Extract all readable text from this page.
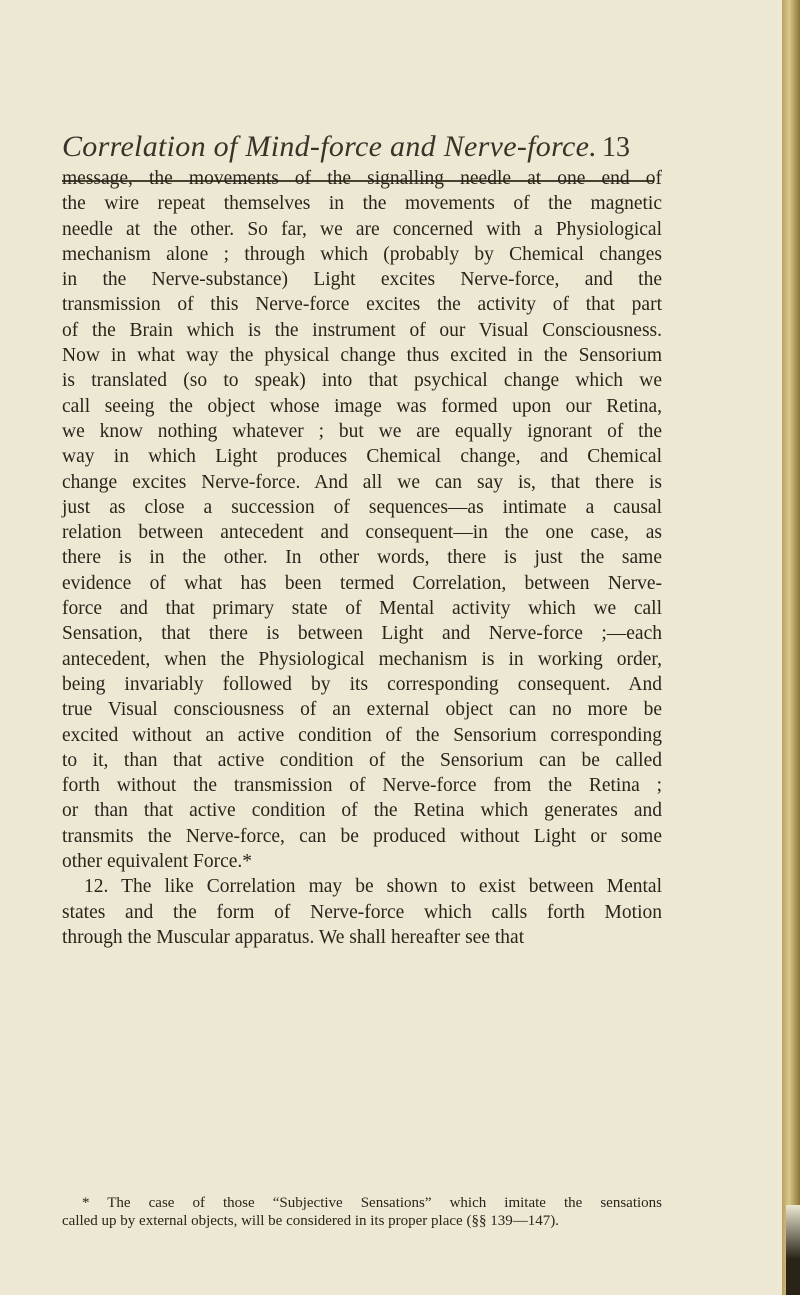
Correlation of Mind-force and Nerve-force. 13
message, the movements of the signalling needle at one end of
the wire repeat themselves in the movements of the magnetic
needle at the other. So far, we are concerned with a Physiological
mechanism alone ; through which (probably by Chemical changes
in the Nerve-substance) Light excites Nerve-force, and the
transmission of this Nerve-force excites the activity of that part
of the Brain which is the instrument of our Visual Consciousness.
Now in what way the physical change thus excited in the Sensorium
is translated (so to speak) into that psychical change which we
call seeing the object whose image was formed upon our Retina,
we know nothing whatever ; but we are equally ignorant of the
way in which Light produces Chemical change, and Chemical
change excites Nerve-force. And all we can say is, that there is
just as close a succession of sequences—as intimate a causal
relation between antecedent and consequent—in the one case, as
there is in the other. In other words, there is just the same
evidence of what has been termed Correlation, between Nerve-
force and that primary state of Mental activity which we call
Sensation, that there is between Light and Nerve-force ;—each
antecedent, when the Physiological mechanism is in working order,
being invariably followed by its corresponding consequent. And
true Visual consciousness of an external object can no more be
excited without an active condition of the Sensorium corresponding
to it, than that active condition of the Sensorium can be called
forth without the transmission of Nerve-force from the Retina ;
or than that active condition of the Retina which generates and
transmits the Nerve-force, can be produced without Light or some
other equivalent Force.*
12. The like Correlation may be shown to exist between Mental
states and the form of Nerve-force which calls forth Motion
through the Muscular apparatus. We shall hereafter see that
* The case of those “Subjective Sensations” which imitate the sensations
called up by external objects, will be considered in its proper place (§§ 139—147).
